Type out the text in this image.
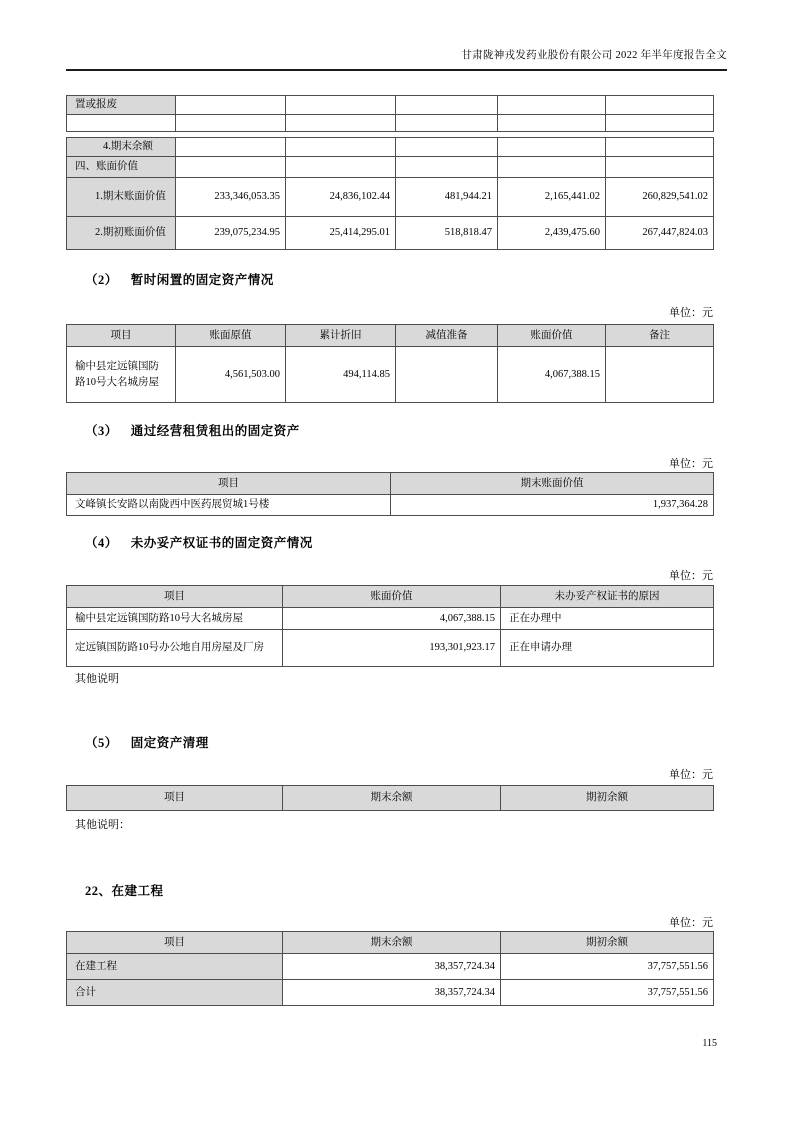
甘肃陇神戎发药业股份有限公司 2022 年半年度报告全文
置或报废					

4.期末余额					
四、账面价值					
1.期末账面价值	233,346,053.35	24,836,102.44	481,944.21	2,165,441.02	260,829,541.02
2.期初账面价值	239,075,234.95	25,414,295.01	518,818.47	2,439,475.60	267,447,824.03
（2） 暂时闲置的固定资产情况
单位：元
项目	账面原值	累计折旧	减值准备	账面价值	备注
榆中县定远镇国防路10号大名城房屋	4,561,503.00	494,114.85		4,067,388.15	
（3） 通过经营租赁租出的固定资产
单位：元
项目	期末账面价值
文峰镇长安路以南陇西中医药展贸城1号楼	1,937,364.28
（4） 未办妥产权证书的固定资产情况
单位：元
项目	账面价值	未办妥产权证书的原因
榆中县定远镇国防路10号大名城房屋	4,067,388.15	正在办理中
定远镇国防路10号办公地自用房屋及厂房	193,301,923.17	正在申请办理
其他说明
（5） 固定资产清理
单位：元
项目	期末余额	期初余额
其他说明：
22、在建工程
单位：元
项目	期末余额	期初余额
在建工程	38,357,724.34	37,757,551.56
合计	38,357,724.34	37,757,551.56
115
